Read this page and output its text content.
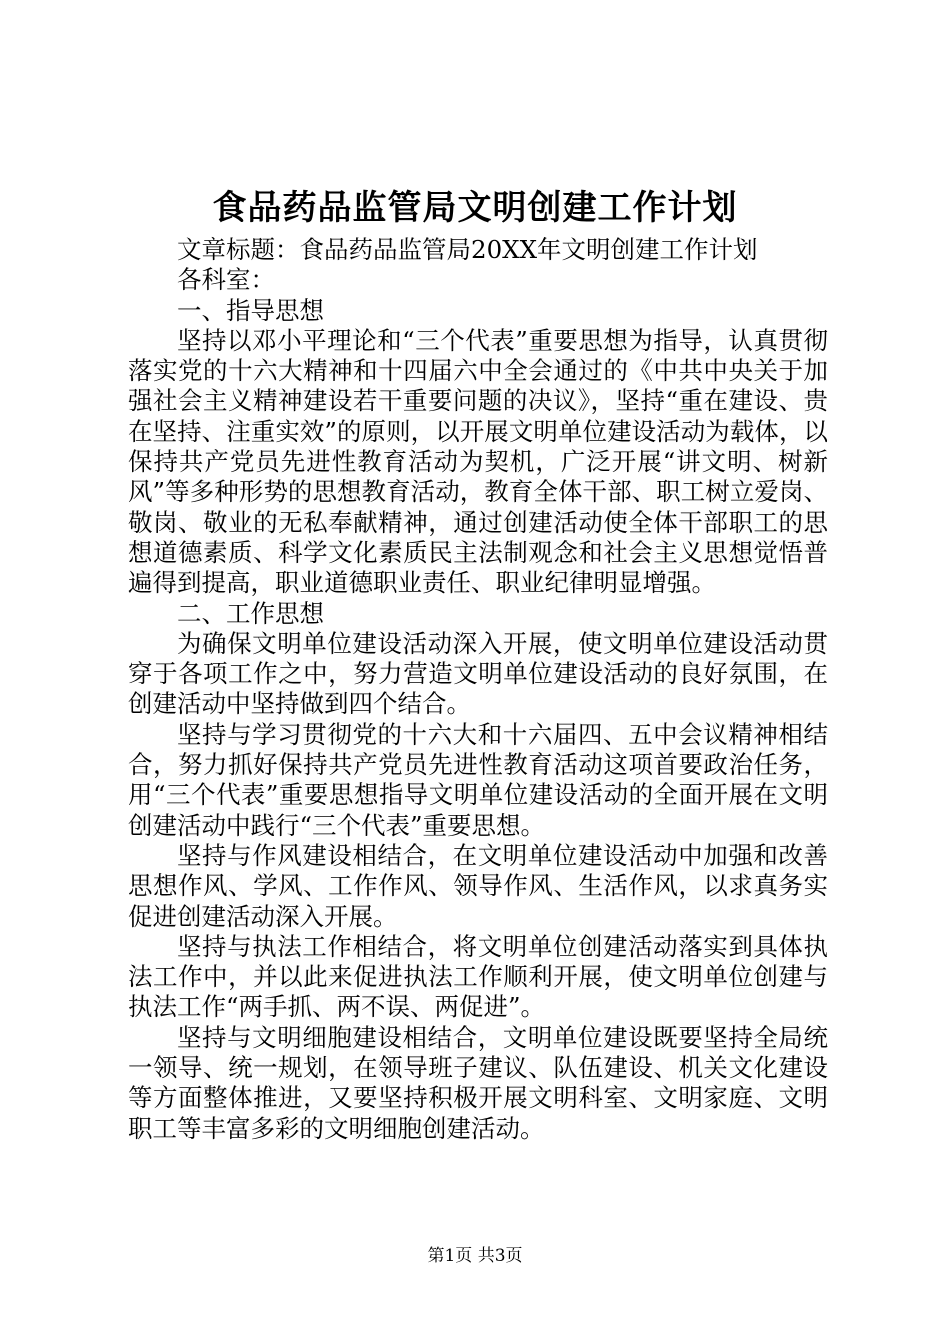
食品药品监管局文明创建工作计划

文章标题：食品药品监管局20XX年文明创建工作计划

各科室：

一、指导思想

坚持以邓小平理论和“三个代表”重要思想为指导，认真贯彻落实党的十六大精神和十四届六中全会通过的《中共中央关于加强社会主义精神建设若干重要问题的决议》，坚持“重在建设、贵在坚持、注重实效”的原则，以开展文明单位建设活动为载体，以保持共产党员先进性教育活动为契机，广泛开展“讲文明、树新风”等多种形势的思想教育活动，教育全体干部、职工树立爱岗、敬岗、敬业的无私奉献精神，通过创建活动使全体干部职工的思想道德素质、科学文化素质民主法制观念和社会主义思想觉悟普遍得到提高，职业道德职业责任、职业纪律明显增强。

二、工作思想

为确保文明单位建设活动深入开展，使文明单位建设活动贯穿于各项工作之中，努力营造文明单位建设活动的良好氛围，在创建活动中坚持做到四个结合。

坚持与学习贯彻党的十六大和十六届四、五中会议精神相结合，努力抓好保持共产党员先进性教育活动这项首要政治任务，用“三个代表”重要思想指导文明单位建设活动的全面开展在文明创建活动中践行“三个代表”重要思想。

坚持与作风建设相结合，在文明单位建设活动中加强和改善思想作风、学风、工作作风、领导作风、生活作风，以求真务实促进创建活动深入开展。

坚持与执法工作相结合，将文明单位创建活动落实到具体执法工作中，并以此来促进执法工作顺利开展，使文明单位创建与执法工作“两手抓、两不误、两促进”。

坚持与文明细胞建设相结合，文明单位建设既要坚持全局统一领导、统一规划，在领导班子建议、队伍建设、机关文化建设等方面整体推进，又要坚持积极开展文明科室、文明家庭、文明职工等丰富多彩的文明细胞创建活动。

第1页 共3页
